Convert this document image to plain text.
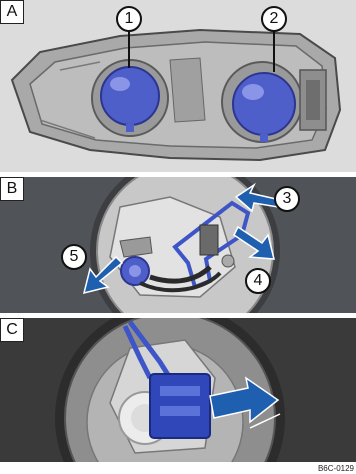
A	1	2
B
3
4
5
C
B6C-0129
